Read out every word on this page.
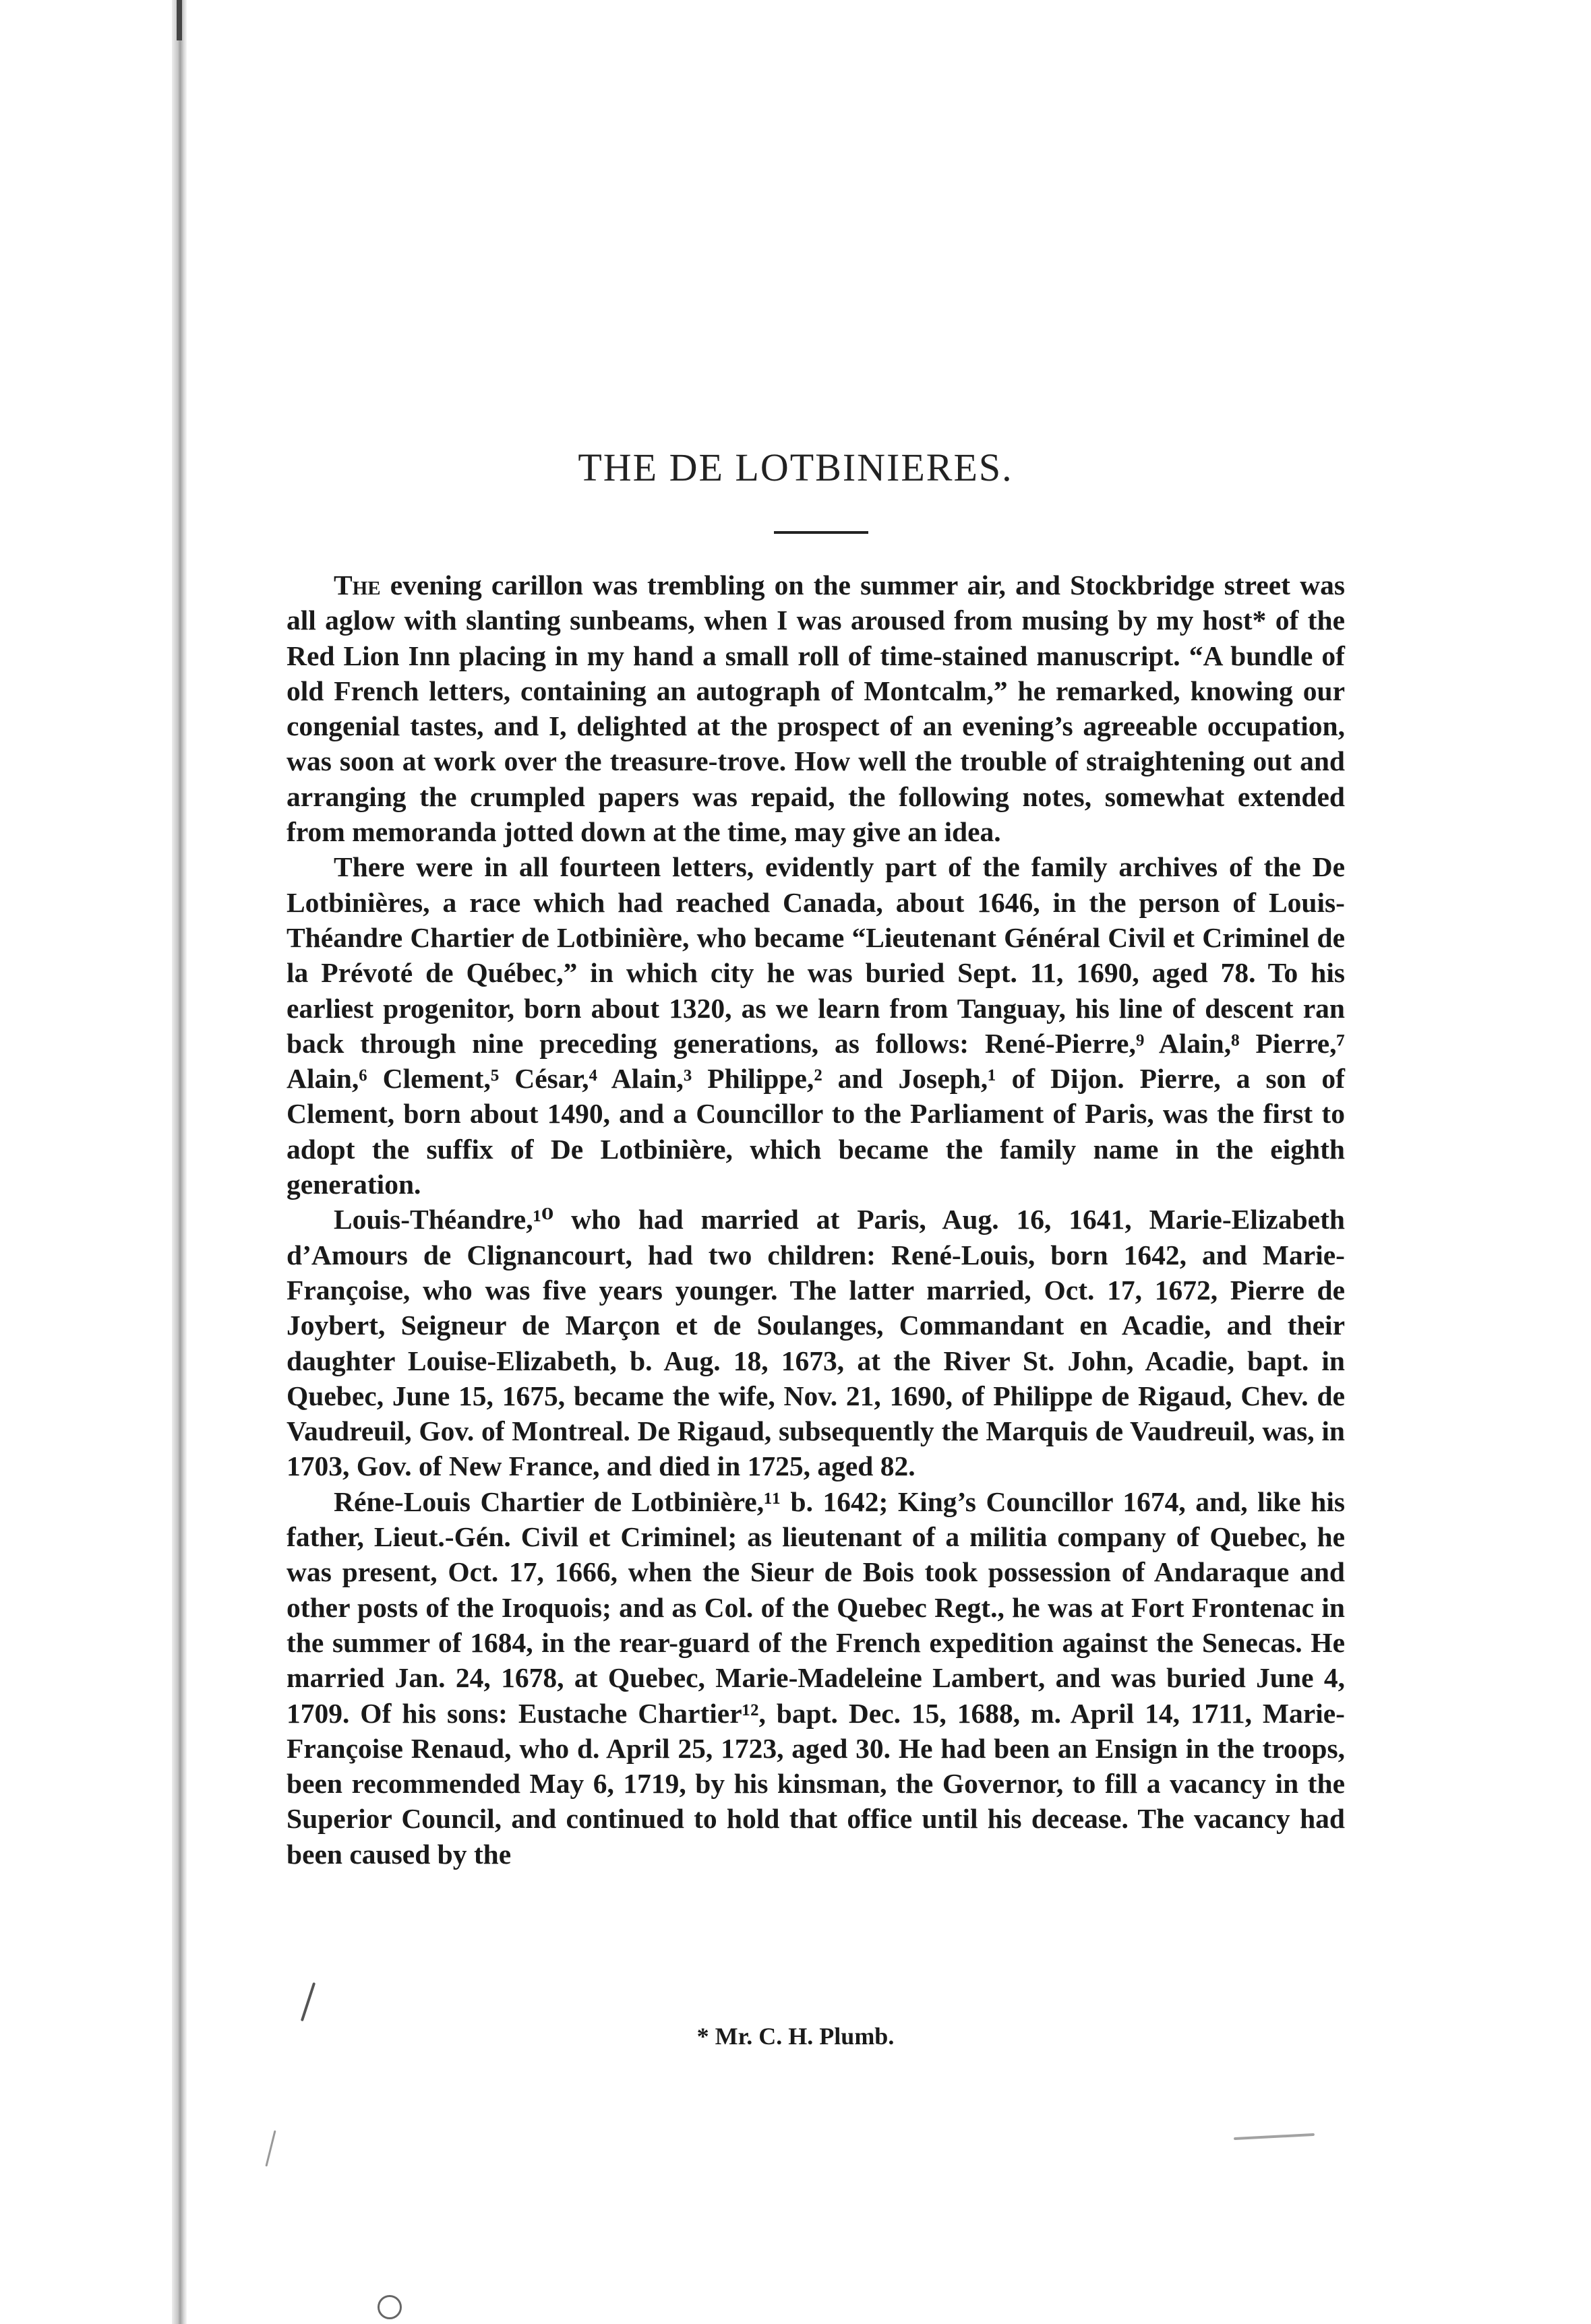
THE DE LOTBINIERES.

The evening carillon was trembling on the summer air, and Stockbridge street was all aglow with slanting sunbeams, when I was aroused from musing by my host* of the Red Lion Inn placing in my hand a small roll of time-stained manuscript. “A bundle of old French letters, containing an autograph of Montcalm,” he remarked, knowing our congenial tastes, and I, delighted at the prospect of an evening’s agreeable occupation, was soon at work over the treasure-trove. How well the trouble of straightening out and arranging the crumpled papers was repaid, the following notes, somewhat extended from memoranda jotted down at the time, may give an idea.

There were in all fourteen letters, evidently part of the family archives of the De Lotbinières, a race which had reached Canada, about 1646, in the person of Louis-Théandre Chartier de Lotbinière, who became “Lieutenant Général Civil et Criminel de la Prévoté de Québec,” in which city he was buried Sept. 11, 1690, aged 78. To his earliest progenitor, born about 1320, as we learn from Tanguay, his line of descent ran back through nine preceding generations, as follows: René-Pierre,⁹ Alain,⁸ Pierre,⁷ Alain,⁶ Clement,⁵ César,⁴ Alain,³ Philippe,² and Joseph,¹ of Dijon. Pierre, a son of Clement, born about 1490, and a Councillor to the Parliament of Paris, was the first to adopt the suffix of De Lotbinière, which became the family name in the eighth generation.

Louis-Théandre,¹⁰ who had married at Paris, Aug. 16, 1641, Marie-Elizabeth d’Amours de Clignancourt, had two children: René-Louis, born 1642, and Marie-Françoise, who was five years younger. The latter married, Oct. 17, 1672, Pierre de Joybert, Seigneur de Marçon et de Soulanges, Commandant en Acadie, and their daughter Louise-Elizabeth, b. Aug. 18, 1673, at the River St. John, Acadie, bapt. in Quebec, June 15, 1675, became the wife, Nov. 21, 1690, of Philippe de Rigaud, Chev. de Vaudreuil, Gov. of Montreal. De Rigaud, subsequently the Marquis de Vaudreuil, was, in 1703, Gov. of New France, and died in 1725, aged 82.

Réne-Louis Chartier de Lotbinière,¹¹ b. 1642; King’s Councillor 1674, and, like his father, Lieut.-Gén. Civil et Criminel; as lieutenant of a militia company of Quebec, he was present, Oct. 17, 1666, when the Sieur de Bois took possession of Andaraque and other posts of the Iroquois; and as Col. of the Quebec Regt., he was at Fort Frontenac in the summer of 1684, in the rear-guard of the French expedition against the Senecas. He married Jan. 24, 1678, at Quebec, Marie-Madeleine Lambert, and was buried June 4, 1709. Of his sons: Eustache Chartier¹², bapt. Dec. 15, 1688, m. April 14, 1711, Marie-Françoise Renaud, who d. April 25, 1723, aged 30. He had been an Ensign in the troops, been recommended May 6, 1719, by his kinsman, the Governor, to fill a vacancy in the Superior Council, and continued to hold that office until his decease. The vacancy had been caused by the

* Mr. C. H. Plumb.
